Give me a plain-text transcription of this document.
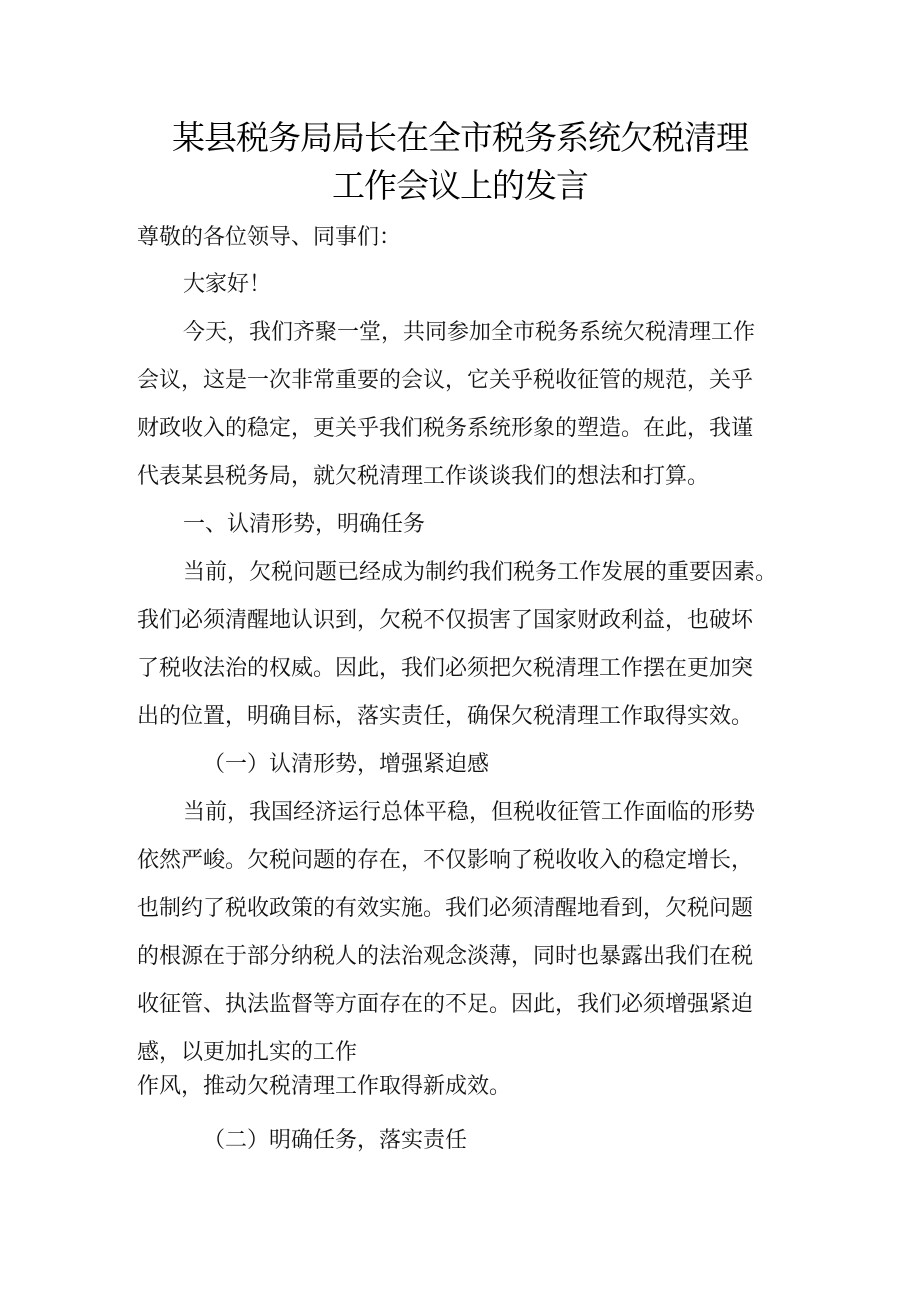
某县税务局局长在全市税务系统欠税清理
工作会议上的发言
尊敬的各位领导、同事们：
大家好！
今天，我们齐聚一堂，共同参加全市税务系统欠税清理工作
会议，这是一次非常重要的会议，它关乎税收征管的规范，关乎
财政收入的稳定，更关乎我们税务系统形象的塑造。在此，我谨
代表某县税务局，就欠税清理工作谈谈我们的想法和打算。
一、认清形势，明确任务
当前，欠税问题已经成为制约我们税务工作发展的重要因素。
我们必须清醒地认识到，欠税不仅损害了国家财政利益，也破坏
了税收法治的权威。因此，我们必须把欠税清理工作摆在更加突
出的位置，明确目标，落实责任，确保欠税清理工作取得实效。
（一）认清形势，增强紧迫感
当前，我国经济运行总体平稳，但税收征管工作面临的形势
依然严峻。欠税问题的存在，不仅影响了税收收入的稳定增长，
也制约了税收政策的有效实施。我们必须清醒地看到，欠税问题
的根源在于部分纳税人的法治观念淡薄，同时也暴露出我们在税
收征管、执法监督等方面存在的不足。因此，我们必须增强紧迫
感，以更加扎实的工作
作风，推动欠税清理工作取得新成效。
（二）明确任务，落实责任
